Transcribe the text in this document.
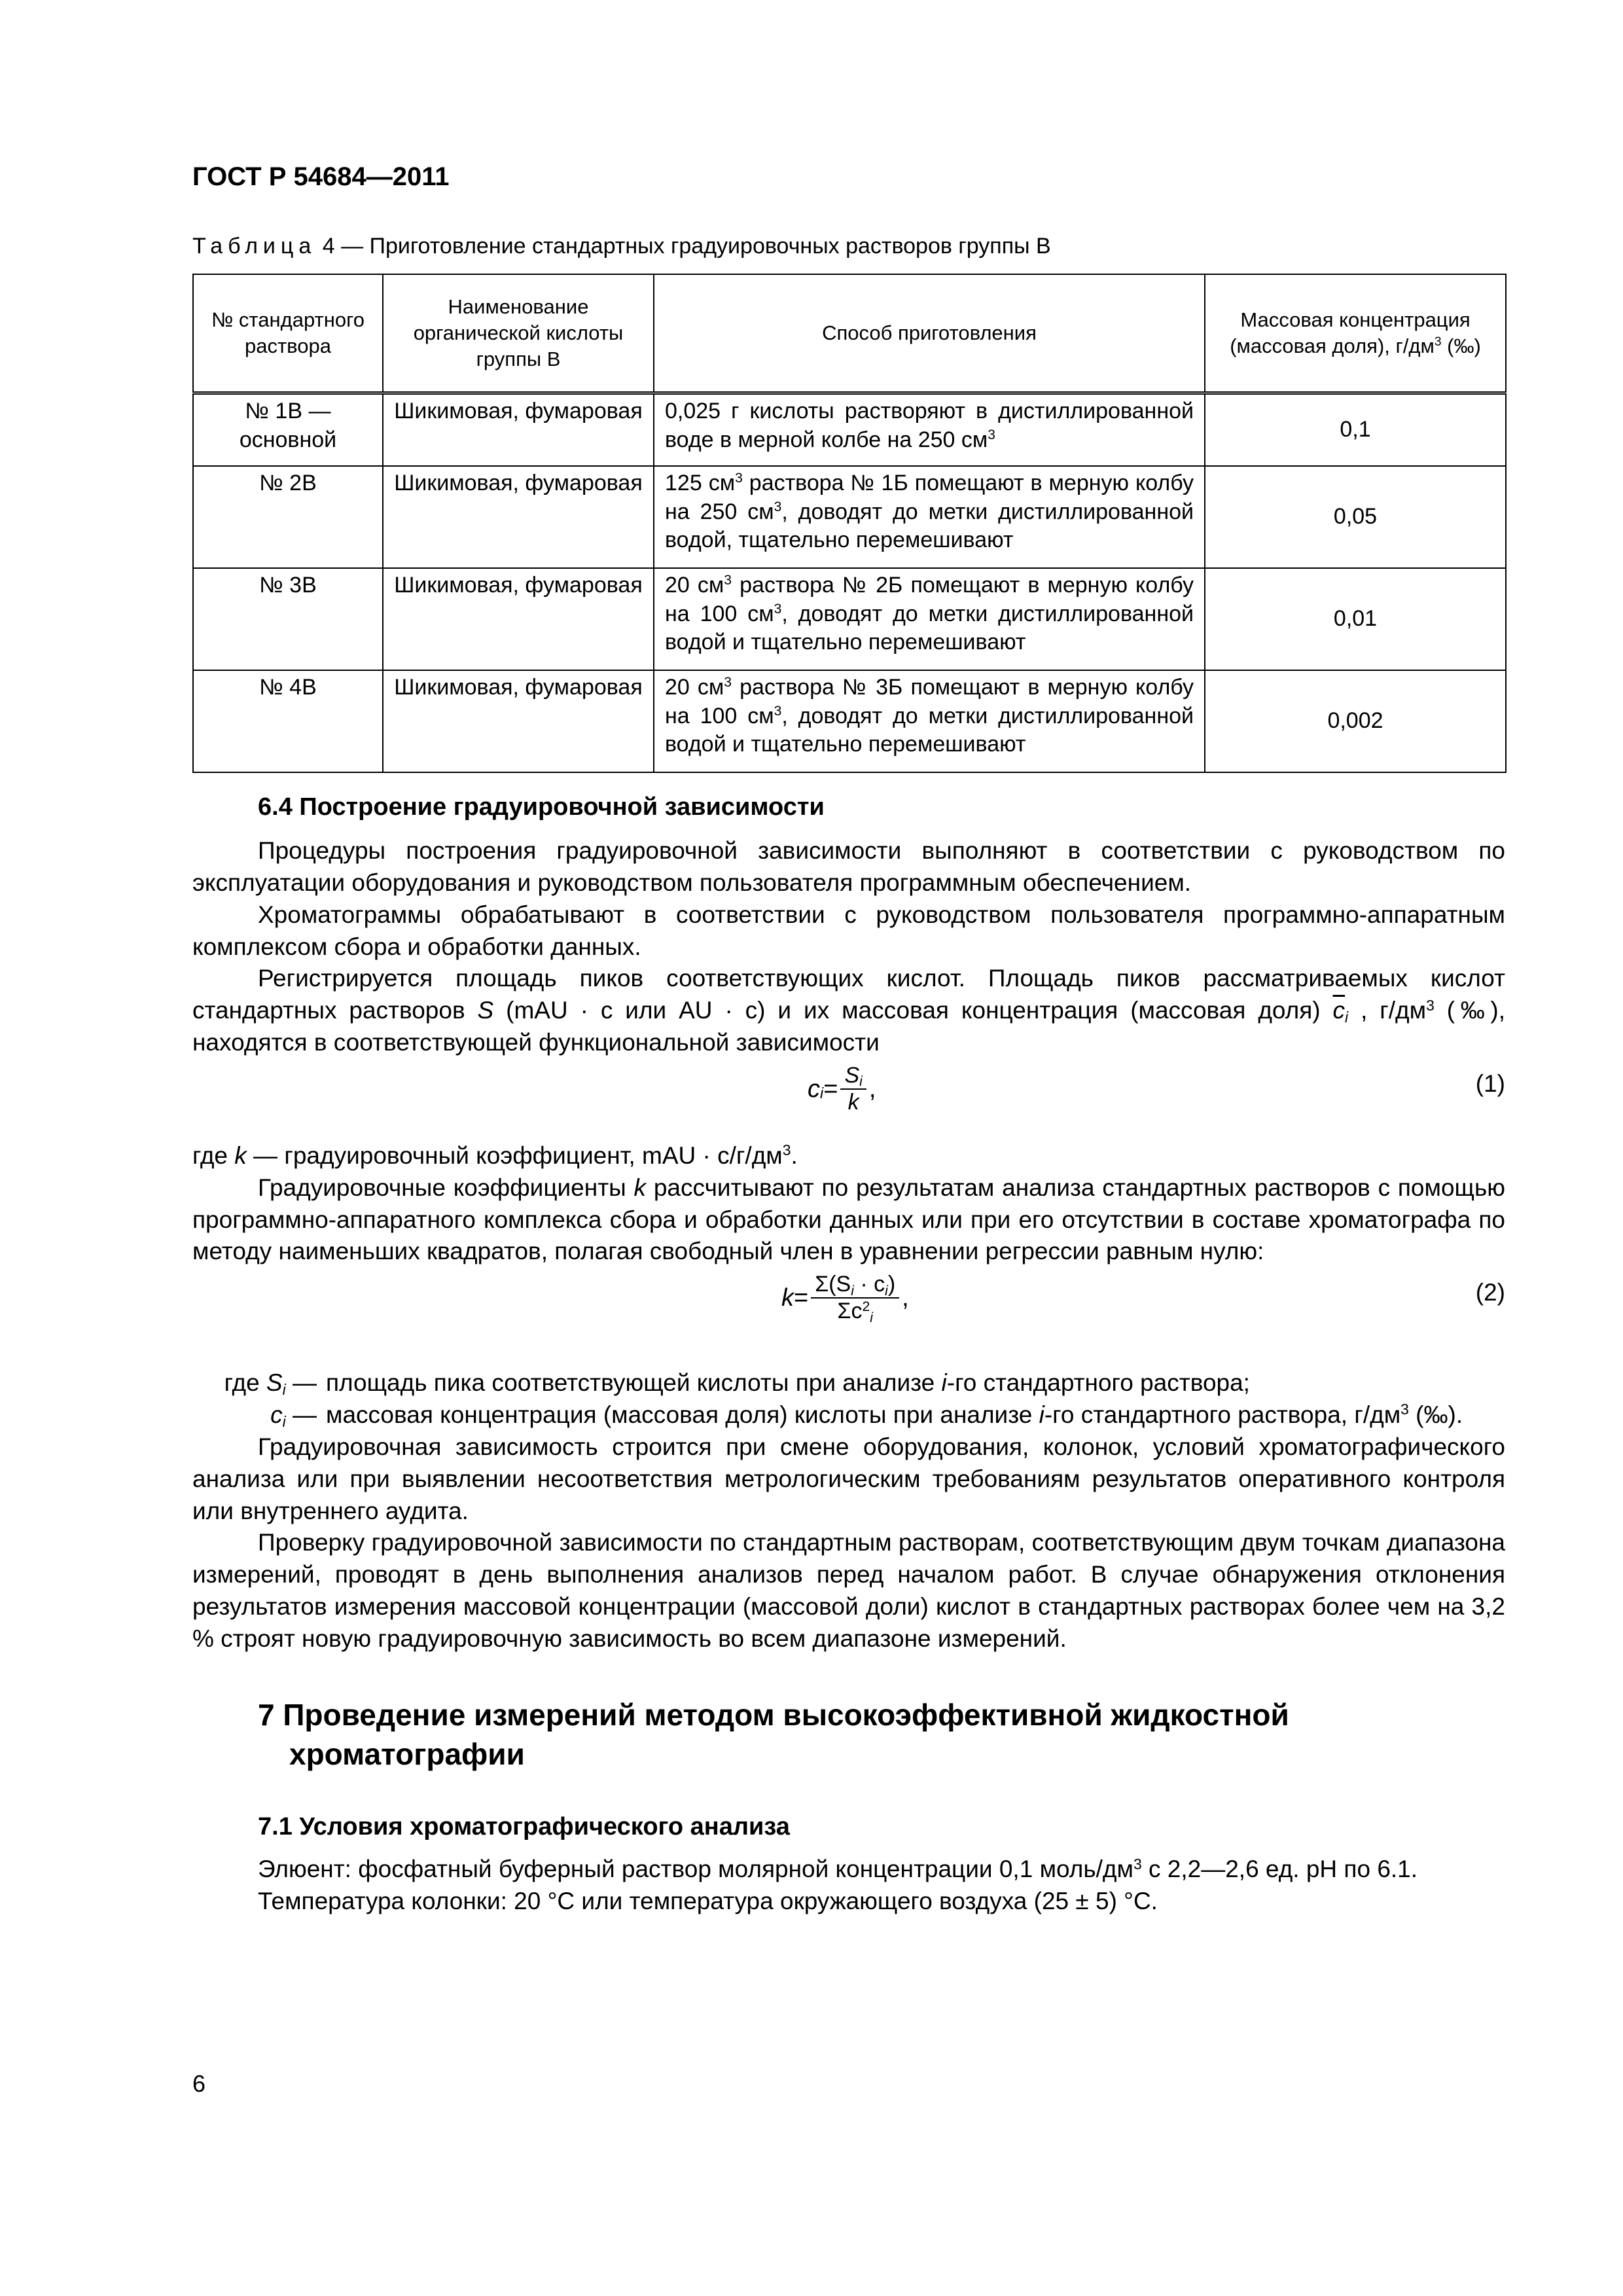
ГОСТ Р 54684—2011
Таблица 4 — Приготовление стандартных градуировочных растворов группы В
№ стандартного раствора	Наименование органической кислоты группы В	Способ приготовления	Массовая концентрация (массовая доля), $г/дм^3$ (‰)
№ 1В — основной	Шикимовая, фумаровая	0,025 г кислоты растворяют в дистиллированной воде в мерной колбе на 250 $см^3$	0,1
№ 2В	Шикимовая, фумаровая	125 $см^3$ раствора № 1Б помещают в мерную колбу на 250 $см^3$, доводят до метки дистиллированной водой, тщательно перемешивают	0,05
№ 3В	Шикимовая, фумаровая	20 $см^3$ раствора № 2Б помещают в мерную колбу на 100 $см^3$, доводят до метки дистиллированной водой и тщательно перемешивают	0,01
№ 4В	Шикимовая, фумаровая	20 $см^3$ раствора № 3Б помещают в мерную колбу на 100 $см^3$, доводят до метки дистиллированной водой и тщательно перемешивают	0,002
6.4 Построение градуировочной зависимости

Процедуры построения градуировочной зависимости выполняют в соответствии с руководством по эксплуатации оборудования и руководством пользователя программным обеспечением.

Хроматограммы обрабатывают в соответствии с руководством пользователя программно-аппаратным комплексом сбора и обработки данных.

Регистрируется площадь пиков соответствующих кислот. Площадь пиков рассматриваемых кислот стандартных растворов S (mAU · c или AU · c) и их массовая концентрация (массовая доля) $\overline{c}_i$ , $г/дм^3$ (‰), находятся в соответствующей функциональной зависимости

c $_i = \frac{S_i}{k}$ ,	(1)

где k — градуировочный коэффициент, mAU · $c/г/дм^3$.

Градуировочные коэффициенты k рассчитывают по результатам анализа стандартных растворов с помощью программно-аппаратного комплекса сбора и обработки данных или при его отсутствии в составе хроматографа по методу наименьших квадратов, полагая свободный член в уравнении регрессии равным нулю:

$k = \frac{\Sigma(S_i \cdot c_i)}{\Sigma c^2_i}$ ,	(2)
где $S_i$ — площадь пика соответствующей кислоты при анализе i-го стандартного раствора;
$c_i$ — массовая концентрация (массовая доля) кислоты при анализе i-го стандартного раствора, $г/дм^3$ (‰).

Градуировочная зависимость строится при смене оборудования, колонок, условий хроматографического анализа или при выявлении несоответствия метрологическим требованиям результатов оперативного контроля или внутреннего аудита.

Проверку градуировочной зависимости по стандартным растворам, соответствующим двум точкам диапазона измерений, проводят в день выполнения анализов перед началом работ. В случае обнаружения отклонения результатов измерения массовой концентрации (массовой доли) кислот в стандартных растворах более чем на 3,2 % строят новую градуировочную зависимость во всем диапазоне измерений.

7 Проведение измерений методом высокоэффективной жидкостной хроматографии
7.1 Условия хроматографического анализа

Элюент: фосфатный буферный раствор молярной концентрации 0,1 моль/$дм^3$ с 2,2—2,6 ед. рН по 6.1.

Температура колонки: 20 °С или температура окружающего воздуха (25 ± 5) °С.

6
